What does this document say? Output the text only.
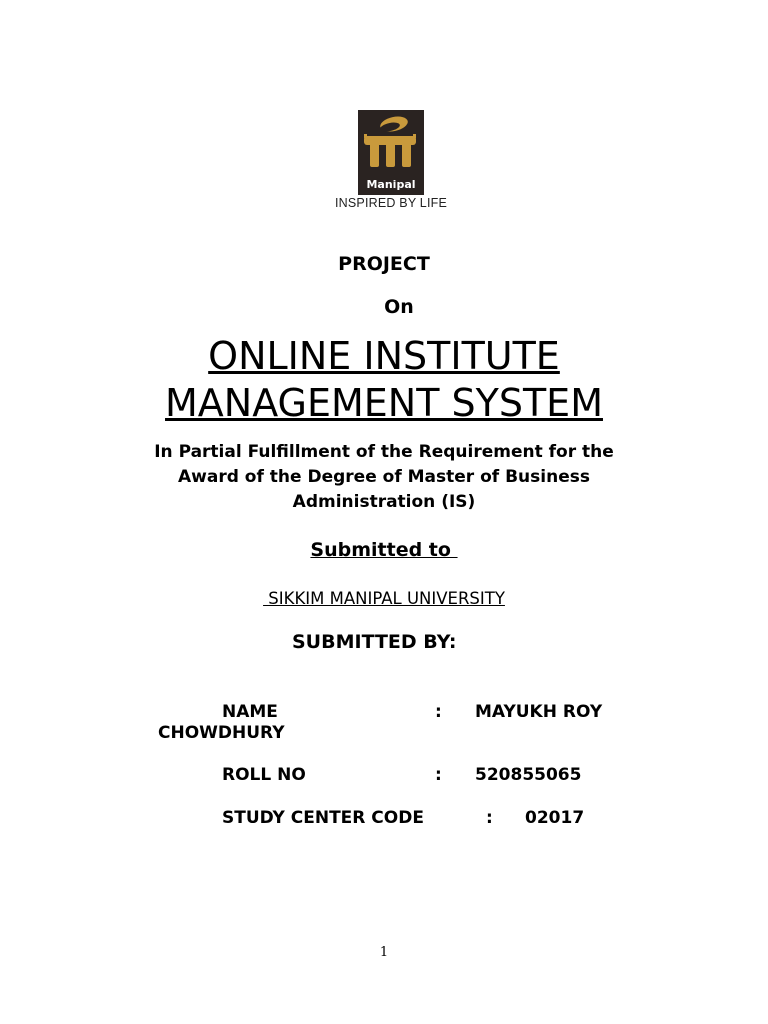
Manipal
INSPIRED BY LIFE
PROJECT
On
ONLINE INSTITUTE
MANAGEMENT SYSTEM
In Partial Fulfillment of the Requirement for the
Award of the Degree of Master of Business
Administration (IS)
Submitted to
SIKKIM MANIPAL UNIVERSITY
SUBMITTED BY:
NAME	: MAYUKH ROY
CHOWDHURY
ROLL NO	: 520855065
STUDY CENTER CODE	: 02017
1
